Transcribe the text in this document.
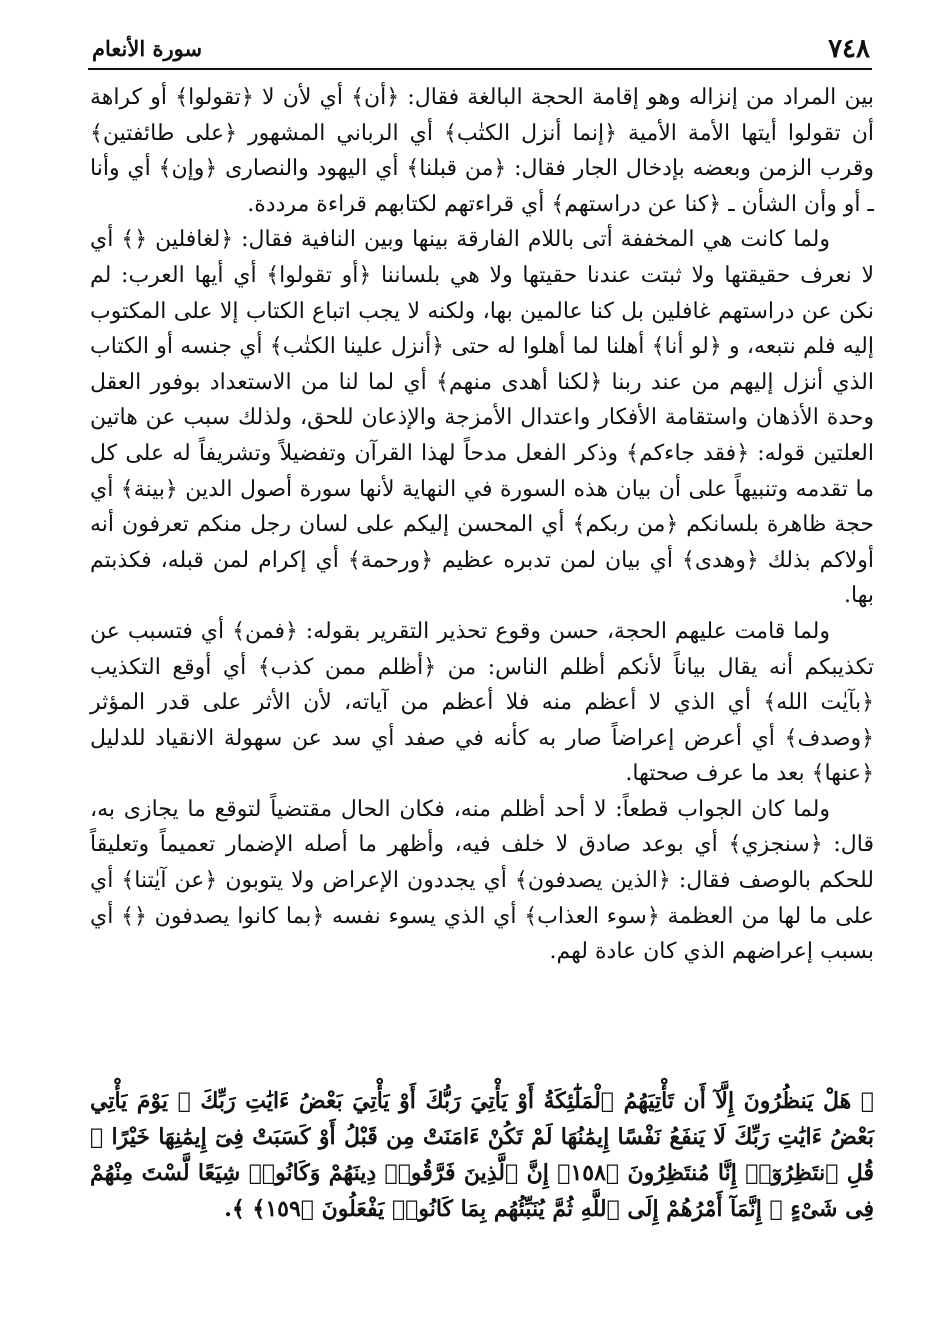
٧٤٨
سورة الأنعام

بين المراد من إنزاله وهو إقامة الحجة البالغة فقال: ﴿أن﴾ أي لأن لا ﴿تقولوا﴾ أو كراهة أن تقولوا أيتها الأمة الأمية ﴿إنما أنزل الكتٰب﴾ أي الرباني المشهور ﴿على طائفتين﴾ وقرب الزمن وبعضه بإدخال الجار فقال: ﴿من قبلنا﴾ أي اليهود والنصارى ﴿وإن﴾ أي وأنا ـ أو وأن الشأن ـ ﴿كنا عن دراستهم﴾ أي قراءتهم لكتابهم قراءة مرددة.

ولما كانت هي المخففة أتى باللام الفارقة بينها وبين النافية فقال: ﴿لغافلين ﴿﴾ أي لا نعرف حقيقتها ولا ثبتت عندنا حقيتها ولا هي بلساننا ﴿أو تقولوا﴾ أي أيها العرب: لم نكن عن دراستهم غافلين بل كنا عالمين بها، ولكنه لا يجب اتباع الكتاب إلا على المكتوب إليه فلم نتبعه، و ﴿لو أنا﴾ أهلنا لما أهلوا له حتى ﴿أنزل علينا الكتٰب﴾ أي جنسه أو الكتاب الذي أنزل إليهم من عند ربنا ﴿لكنا أهدى منهم﴾ أي لما لنا من الاستعداد بوفور العقل وحدة الأذهان واستقامة الأفكار واعتدال الأمزجة والإذعان للحق، ولذلك سبب عن هاتين العلتين قوله: ﴿فقد جاءكم﴾ وذكر الفعل مدحاً لهذا القرآن وتفضيلاً وتشريفاً له على كل ما تقدمه وتنبيهاً على أن بيان هذه السورة في النهاية لأنها سورة أصول الدين ﴿بينة﴾ أي حجة ظاهرة بلسانكم ﴿من ربكم﴾ أي المحسن إليكم على لسان رجل منكم تعرفون أنه أولاكم بذلك ﴿وهدى﴾ أي بيان لمن تدبره عظيم ﴿ورحمة﴾ أي إكرام لمن قبله، فكذبتم بها.

ولما قامت عليهم الحجة، حسن وقوع تحذير التقرير بقوله: ﴿فمن﴾ أي فتسبب عن تكذيبكم أنه يقال بياناً لأنكم أظلم الناس: من ﴿أظلم ممن كذب﴾ أي أوقع التكذيب ﴿بآيٰت الله﴾ أي الذي لا أعظم منه فلا أعظم من آياته، لأن الأثر على قدر المؤثر ﴿وصدف﴾ أي أعرض إعراضاً صار به كأنه في صفد أي سد عن سهولة الانقياد للدليل ﴿عنها﴾ بعد ما عرف صحتها.

ولما كان الجواب قطعاً: لا أحد أظلم منه، فكان الحال مقتضياً لتوقع ما يجازى به، قال: ﴿سنجزي﴾ أي بوعد صادق لا خلف فيه، وأظهر ما أصله الإضمار تعميماً وتعليقاً للحكم بالوصف فقال: ﴿الذين يصدفون﴾ أي يجددون الإعراض ولا يتوبون ﴿عن آيٰتنا﴾ أي على ما لها من العظمة ﴿سوء العذاب﴾ أي الذي يسوء نفسه ﴿بما كانوا يصدفون ﴿﴾ أي بسبب إعراضهم الذي كان عادة لهم.

﴿ هَلْ يَنظُرُونَ إِلَّآ أَن تَأْتِيَهُمُ ٱلْمَلَٰٓئِكَةُ أَوْ يَأْتِيَ رَبُّكَ أَوْ يَأْتِيَ بَعْضُ ءَايَٰتِ رَبِّكَ ۗ يَوْمَ يَأْتِي بَعْضُ ءَايَٰتِ رَبِّكَ لَا يَنفَعُ نَفْسًا إِيمَٰنُهَا لَمْ تَكُنْ ءَامَنَتْ مِن قَبْلُ أَوْ كَسَبَتْ فِىٓ إِيمَٰنِهَا خَيْرًا ۗ قُلِ ٱنتَظِرُوٓا۟ إِنَّا مُنتَظِرُونَ ﴿١٥٨﴾ إِنَّ ٱلَّذِينَ فَرَّقُوا۟ دِينَهُمْ وَكَانُوا۟ شِيَعًا لَّسْتَ مِنْهُمْ فِى شَىْءٍ ۚ إِنَّمَآ أَمْرُهُمْ إِلَى ٱللَّهِ ثُمَّ يُنَبِّئُهُم بِمَا كَانُوا۟ يَفْعَلُونَ ﴿١٥٩﴾ ﴾.
